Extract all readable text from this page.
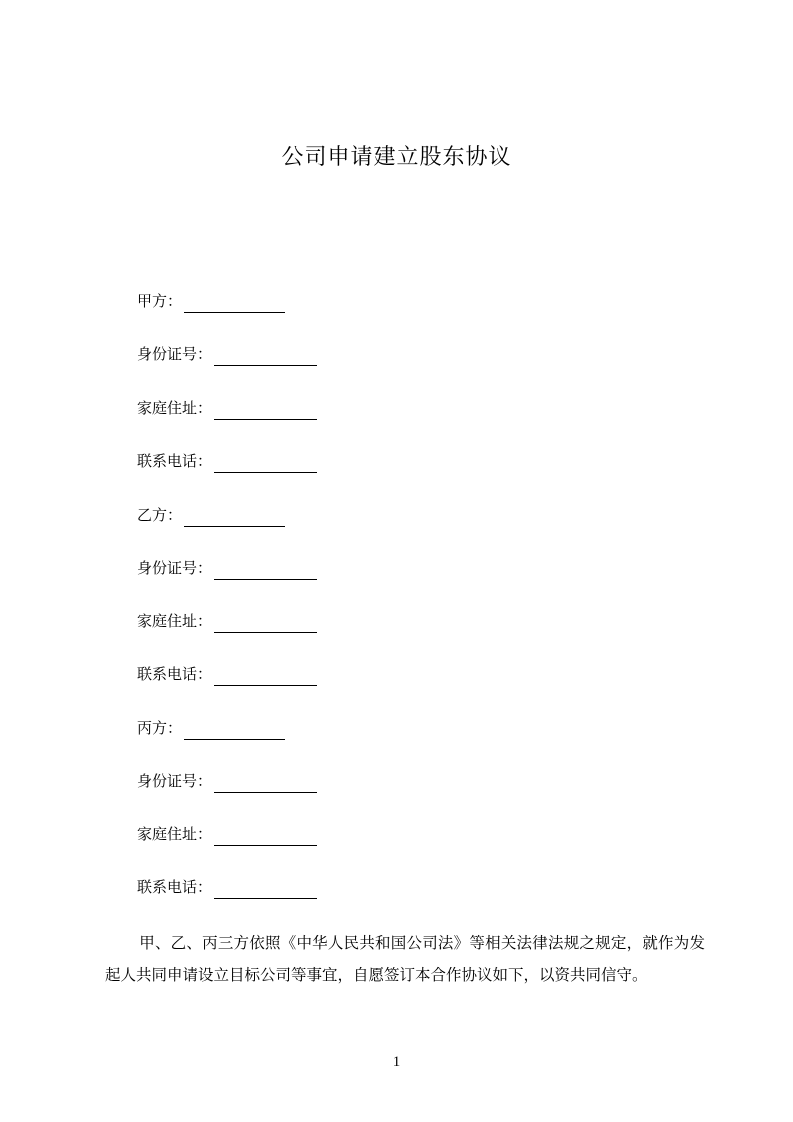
公司申请建立股东协议
甲方：
身份证号：
家庭住址：
联系电话：
乙方：
身份证号：
家庭住址：
联系电话：
丙方：
身份证号：
家庭住址：
联系电话：
甲、乙、丙三方依照《中华人民共和国公司法》等相关法律法规之规定，就作为发起人共同申请设立目标公司等事宜，自愿签订本合作协议如下，以资共同信守。
1
